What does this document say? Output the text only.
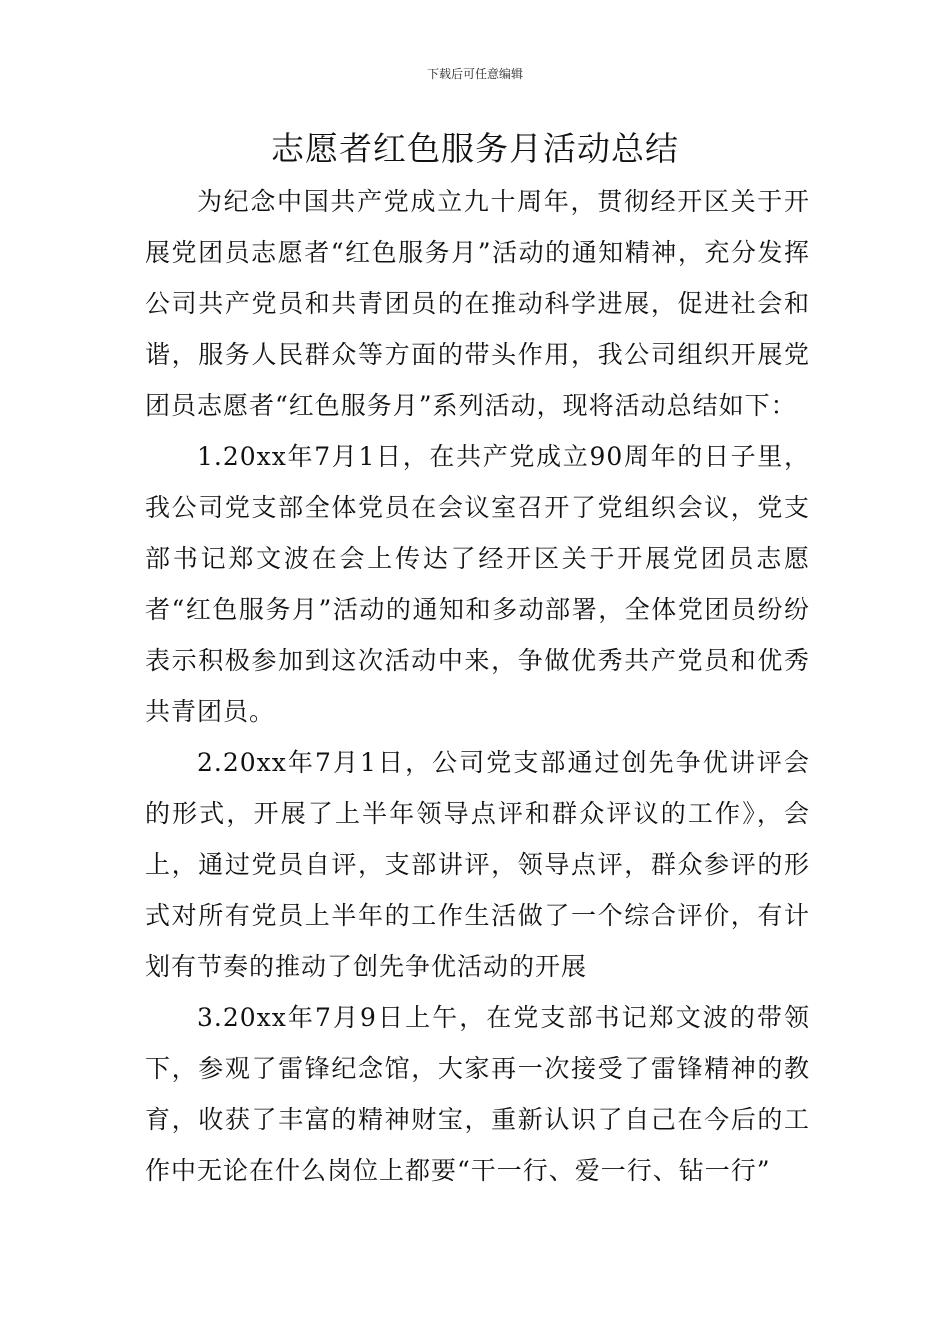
下载后可任意编辑
志愿者红色服务月活动总结

为纪念中国共产党成立九十周年，贯彻经开区关于开展党团员志愿者“红色服务月”活动的通知精神，充分发挥公司共产党员和共青团员的在推动科学进展，促进社会和谐，服务人民群众等方面的带头作用，我公司组织开展党团员志愿者“红色服务月”系列活动，现将活动总结如下：

1.20xx年7月1日，在共产党成立90周年的日子里，我公司党支部全体党员在会议室召开了党组织会议，党支部书记郑文波在会上传达了经开区关于开展党团员志愿者“红色服务月”活动的通知和多动部署，全体党团员纷纷表示积极参加到这次活动中来，争做优秀共产党员和优秀共青团员。

2.20xx年7月1日，公司党支部通过创先争优讲评会的形式，开展了上半年领导点评和群众评议的工作》，会上，通过党员自评，支部讲评，领导点评，群众参评的形式对所有党员上半年的工作生活做了一个综合评价，有计划有节奏的推动了创先争优活动的开展

3.20xx年7月9日上午，在党支部书记郑文波的带领下，参观了雷锋纪念馆，大家再一次接受了雷锋精神的教育，收获了丰富的精神财宝，重新认识了自己在今后的工作中无论在什么岗位上都要“干一行、爱一行、钻一行”
